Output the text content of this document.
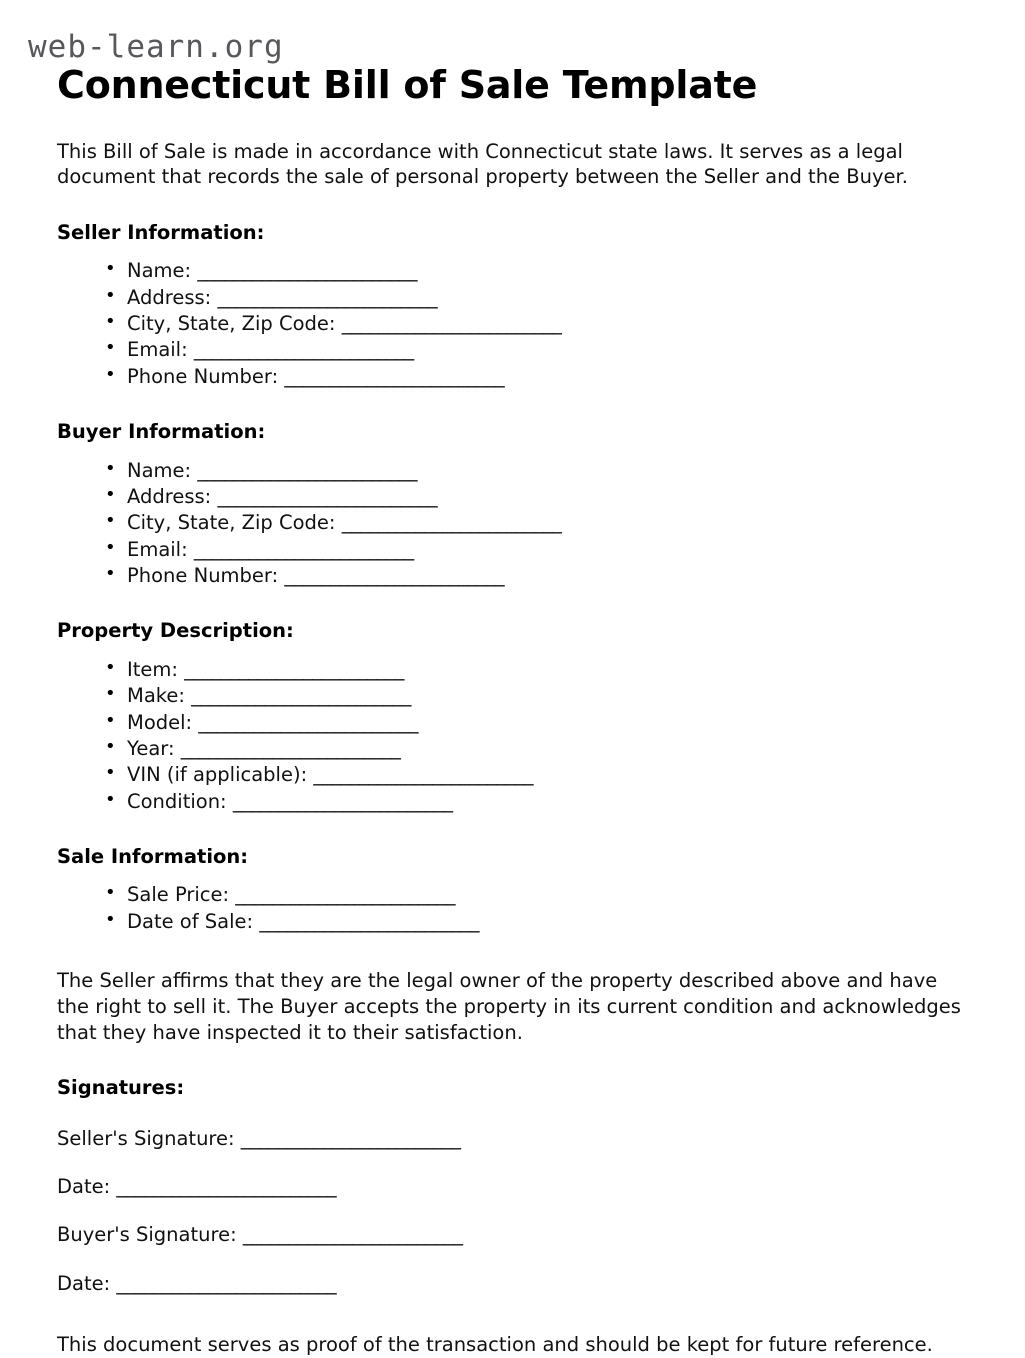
web-learn.org
Connecticut Bill of Sale Template

This Bill of Sale is made in accordance with Connecticut state laws. It serves as a legal document that records the sale of personal property between the Seller and the Buyer.

Seller Information:
• Name: ________________________
• Address: ________________________
• City, State, Zip Code: ________________________
• Email: ________________________
• Phone Number: ________________________
Buyer Information:
• Name: ________________________
• Address: ________________________
• City, State, Zip Code: ________________________
• Email: ________________________
• Phone Number: ________________________
Property Description:
• Item: ________________________
• Make: ________________________
• Model: ________________________
• Year: ________________________
• VIN (if applicable): ________________________
• Condition: ________________________
Sale Information:
• Sale Price: ________________________
• Date of Sale: ________________________

The Seller affirms that they are the legal owner of the property described above and have the right to sell it. The Buyer accepts the property in its current condition and acknowledges that they have inspected it to their satisfaction.

Signatures:
Seller's Signature: ________________________
Date: ________________________
Buyer's Signature: ________________________
Date: ________________________

This document serves as proof of the transaction and should be kept for future reference.
